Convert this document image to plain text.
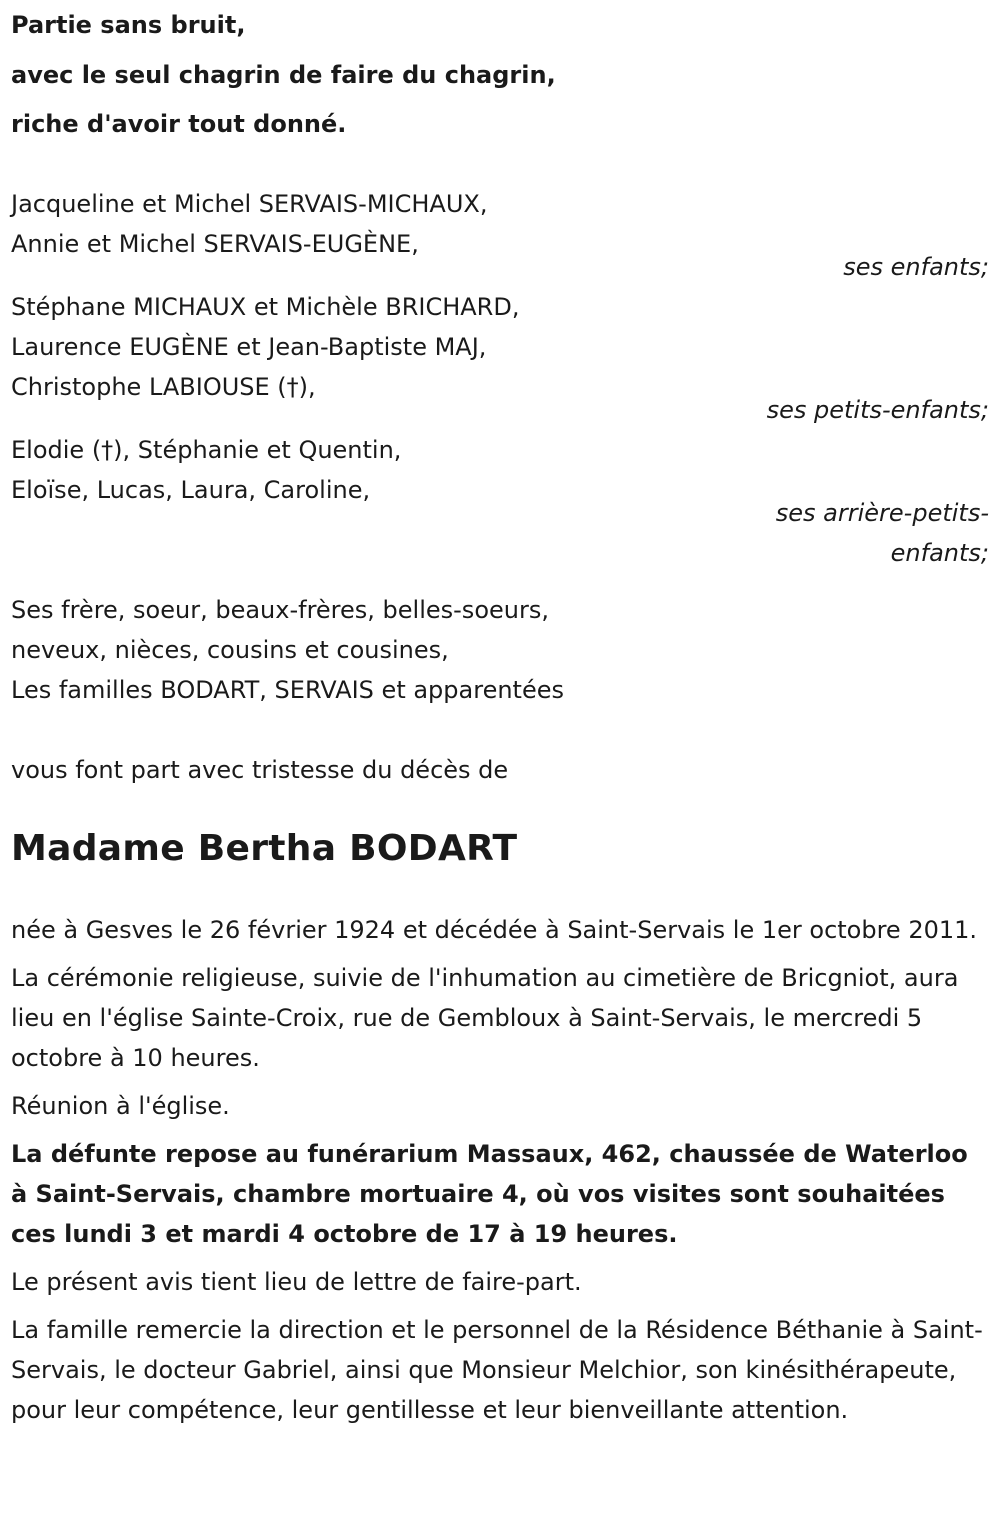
Partie sans bruit,
avec le seul chagrin de faire du chagrin,
riche d'avoir tout donné.
Jacqueline et Michel SERVAIS-MICHAUX,
Annie et Michel SERVAIS-EUGÈNE,
ses enfants;
Stéphane MICHAUX et Michèle BRICHARD,
Laurence EUGÈNE et Jean-Baptiste MAJ,
Christophe LABIOUSE (†),
ses petits-enfants;
Elodie (†), Stéphanie et Quentin,
Eloïse, Lucas, Laura, Caroline,
ses arrière-petits-
enfants;
Ses frère, soeur, beaux-frères, belles-soeurs,
neveux, nièces, cousins et cousines,
Les familles BODART, SERVAIS et apparentées
vous font part avec tristesse du décès de
Madame Bertha BODART

née à Gesves le 26 février 1924 et décédée à Saint-Servais le 1er octobre 2011.

La cérémonie religieuse, suivie de l'inhumation au cimetière de Bricgniot, aura lieu en l'église Sainte-Croix, rue de Gembloux à Saint-Servais, le mercredi 5 octobre à 10 heures.

Réunion à l'église.

La défunte repose au funérarium Massaux, 462, chaussée de Waterloo à Saint-Servais, chambre mortuaire 4, où vos visites sont souhaitées ces lundi 3 et mardi 4 octobre de 17 à 19 heures.

Le présent avis tient lieu de lettre de faire-part.

La famille remercie la direction et le personnel de la Résidence Béthanie à Saint-Servais, le docteur Gabriel, ainsi que Monsieur Melchior, son kinésithérapeute, pour leur compétence, leur gentillesse et leur bienveillante attention.
